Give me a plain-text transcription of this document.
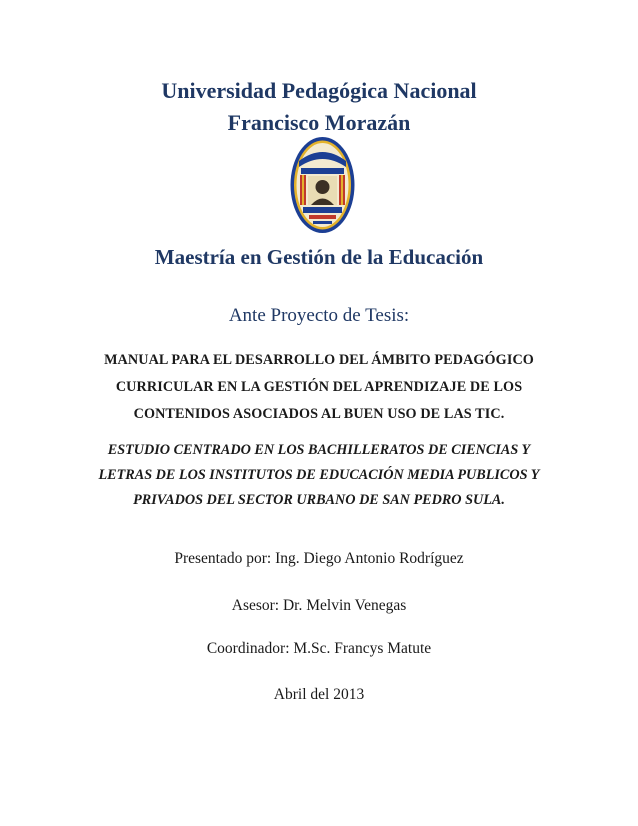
Universidad Pedagógica Nacional
Francisco Morazán
Maestría en Gestión de la Educación
Ante Proyecto de Tesis:
MANUAL PARA EL DESARROLLO DEL ÁMBITO PEDAGÓGICO
CURRICULAR EN LA GESTIÓN DEL APRENDIZAJE DE LOS
CONTENIDOS ASOCIADOS AL BUEN USO DE LAS TIC.
ESTUDIO CENTRADO EN LOS BACHILLERATOS DE CIENCIAS Y
LETRAS DE LOS INSTITUTOS DE EDUCACIÓN MEDIA PUBLICOS Y
PRIVADOS DEL SECTOR URBANO DE SAN PEDRO SULA.
Presentado por: Ing. Diego Antonio Rodríguez
Asesor: Dr. Melvin Venegas
Coordinador: M.Sc. Francys Matute
Abril del 2013
